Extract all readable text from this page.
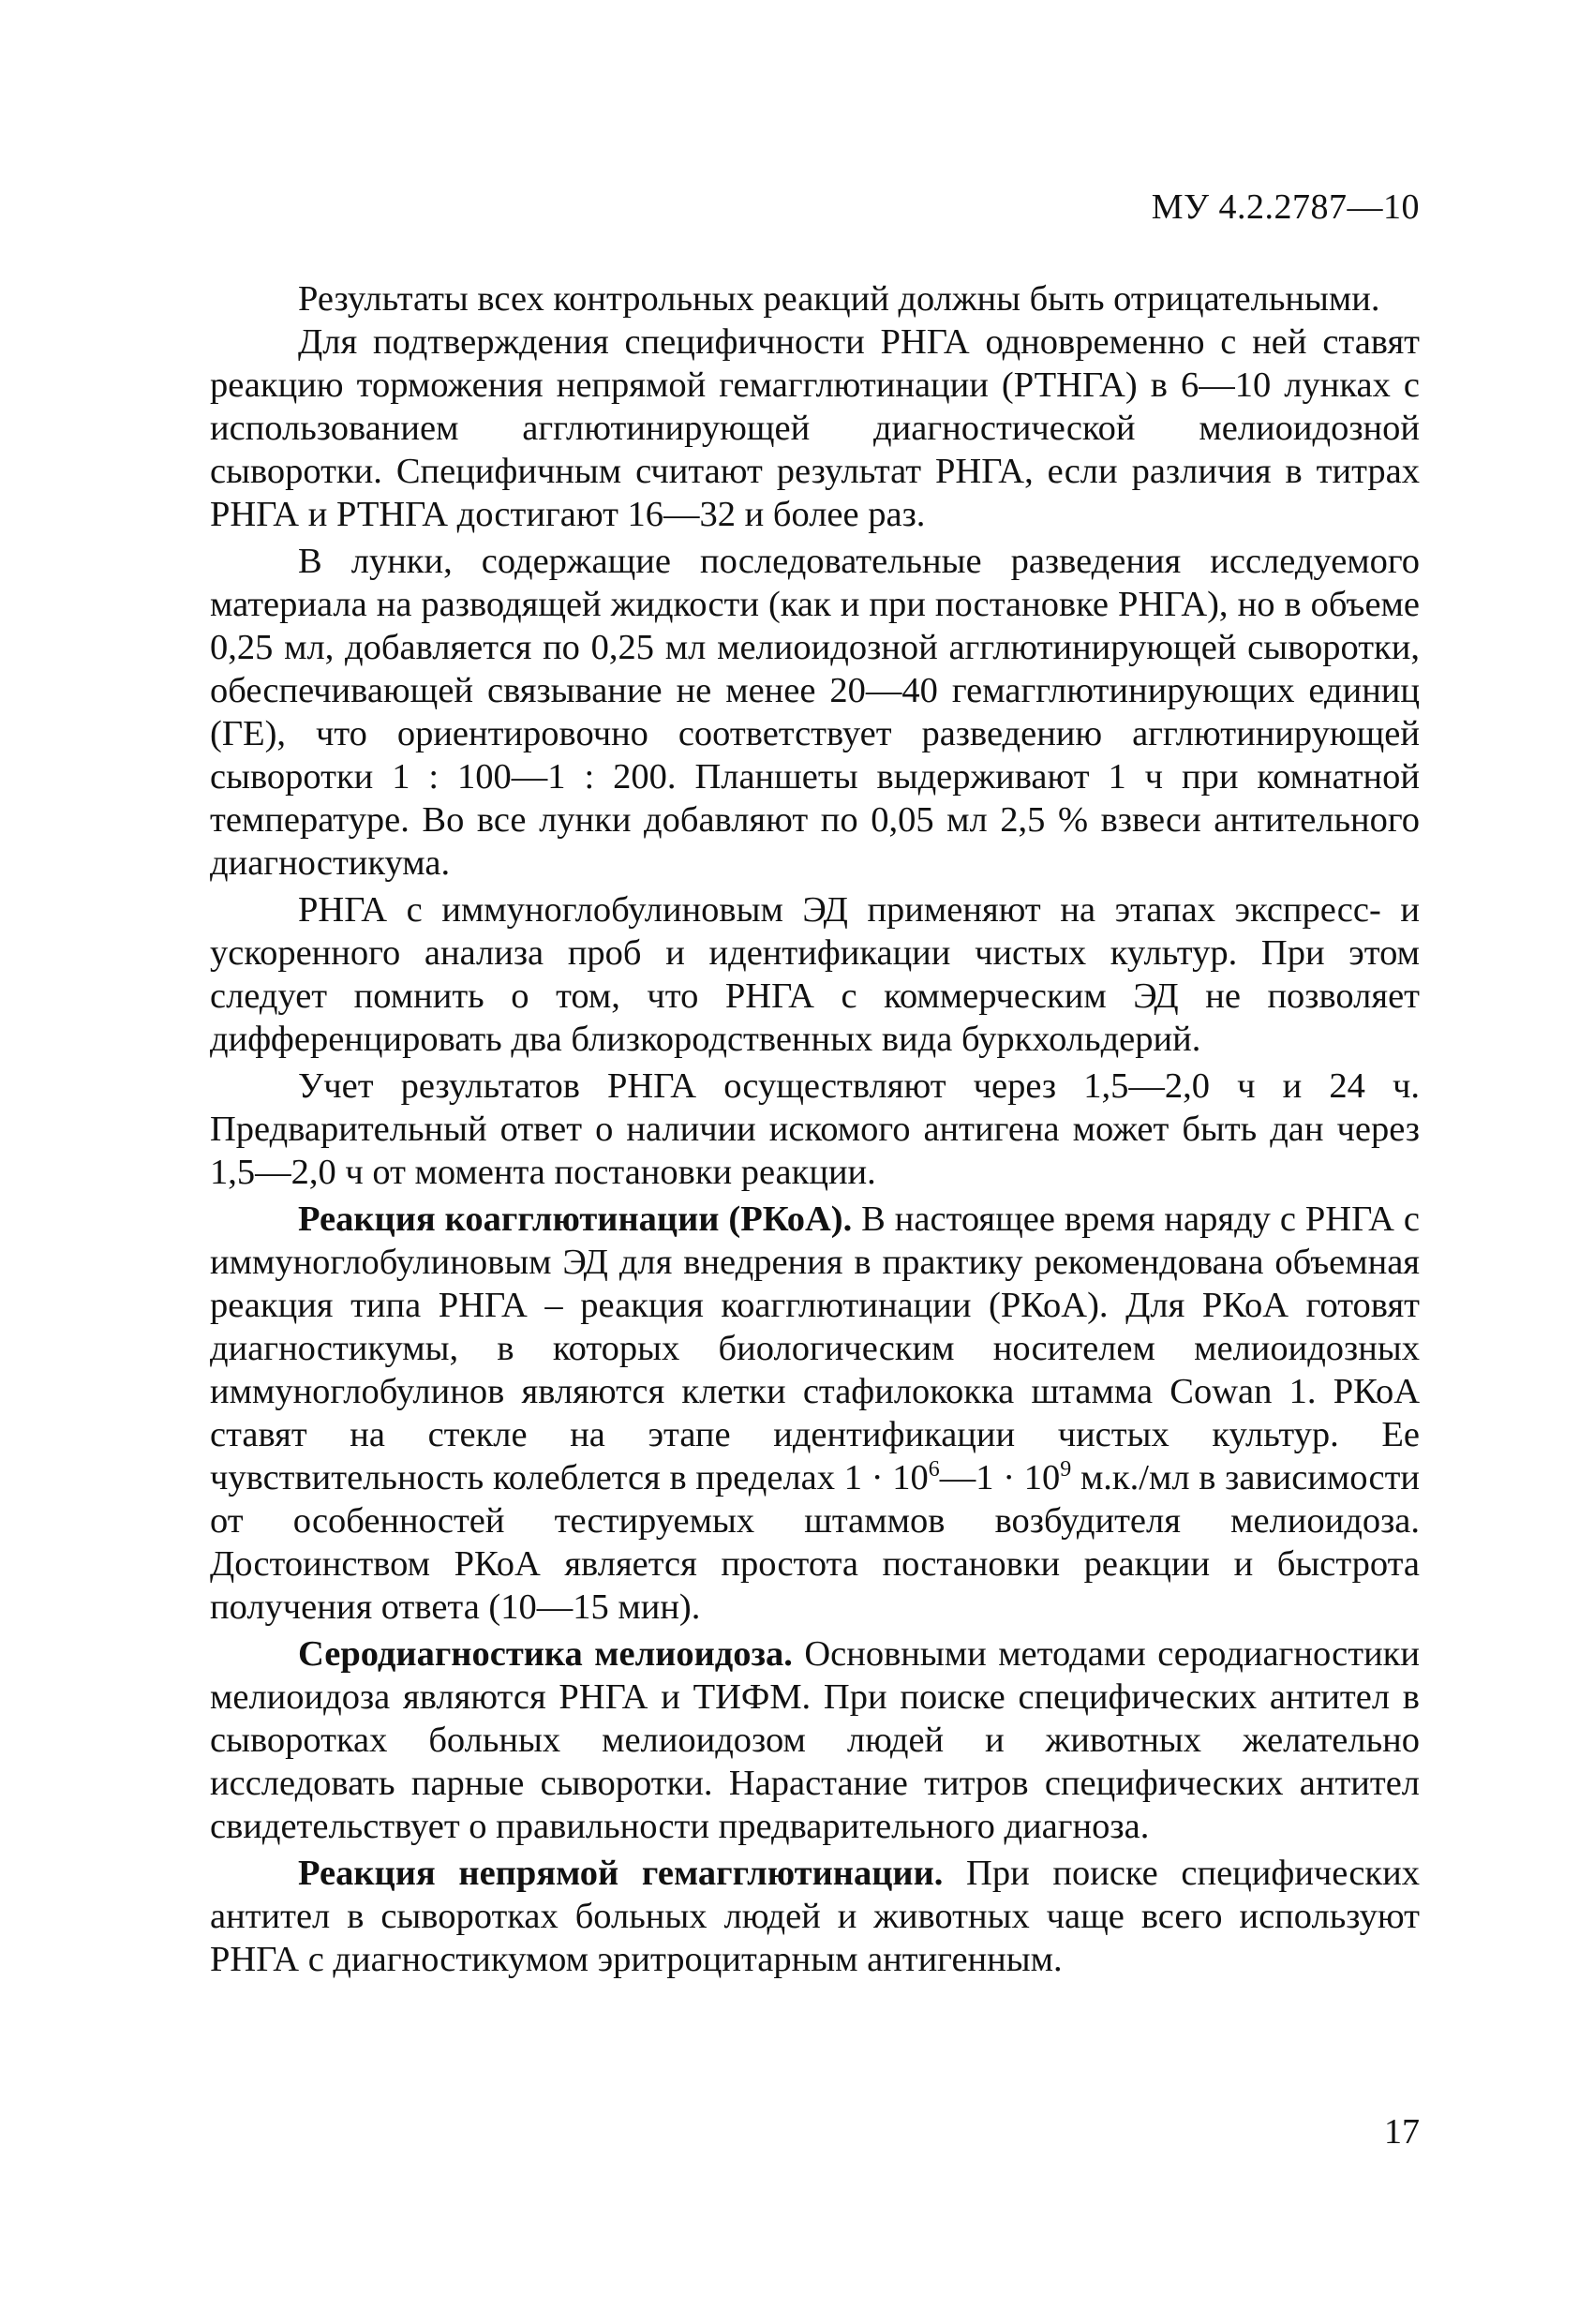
МУ 4.2.2787—10

Результаты всех контрольных реакций должны быть отрицательными.

Для подтверждения специфичности РНГА одновременно с ней ставят реакцию торможения непрямой гемагглютинации (РТНГА) в 6—10 лунках с использованием агглютинирующей диагностической мелиоидозной сыворотки. Специфичным считают результат РНГА, если различия в титрах РНГА и РТНГА достигают 16—32 и более раз.

В лунки, содержащие последовательные разведения исследуемого материала на разводящей жидкости (как и при постановке РНГА), но в объеме 0,25 мл, добавляется по 0,25 мл мелиоидозной агглютинирующей сыворотки, обеспечивающей связывание не менее 20—40 гемагглютинирующих единиц (ГЕ), что ориентировочно соответствует разведению агглютинирующей сыворотки 1 : 100—1 : 200. Планшеты выдерживают 1 ч при комнатной температуре. Во все лунки добавляют по 0,05 мл 2,5 % взвеси антительного диагностикума.

РНГА с иммуноглобулиновым ЭД применяют на этапах экспресс- и ускоренного анализа проб и идентификации чистых культур. При этом следует помнить о том, что РНГА с коммерческим ЭД не позволяет дифференцировать два близкородственных вида буркхольдерий.

Учет результатов РНГА осуществляют через 1,5—2,0 ч и 24 ч. Предварительный ответ о наличии искомого антигена может быть дан через 1,5—2,0 ч от момента постановки реакции.

Реакция коагглютинации (РКоА). В настоящее время наряду с РНГА с иммуноглобулиновым ЭД для внедрения в практику рекомендована объемная реакция типа РНГА – реакция коагглютинации (РКоА). Для РКоА готовят диагностикумы, в которых биологическим носителем мелиоидозных иммуноглобулинов являются клетки стафилококка штамма Cowan 1. РКоА ставят на стекле на этапе идентификации чистых культур. Ее чувствительность колеблется в пределах $1 \cdot 10^6—1 \cdot 10^9$ м.к./мл в зависимости от особенностей тестируемых штаммов возбудителя мелиоидоза. Достоинством РКоА является простота постановки реакции и быстрота получения ответа (10—15 мин).

Серодиагностика мелиоидоза. Основными методами серодиагностики мелиоидоза являются РНГА и ТИФМ. При поиске специфических антител в сыворотках больных мелиоидозом людей и животных желательно исследовать парные сыворотки. Нарастание титров специфических антител свидетельствует о правильности предварительного диагноза.

Реакция непрямой гемагглютинации. При поиске специфических антител в сыворотках больных людей и животных чаще всего используют РНГА с диагностикумом эритроцитарным антигенным.

17
